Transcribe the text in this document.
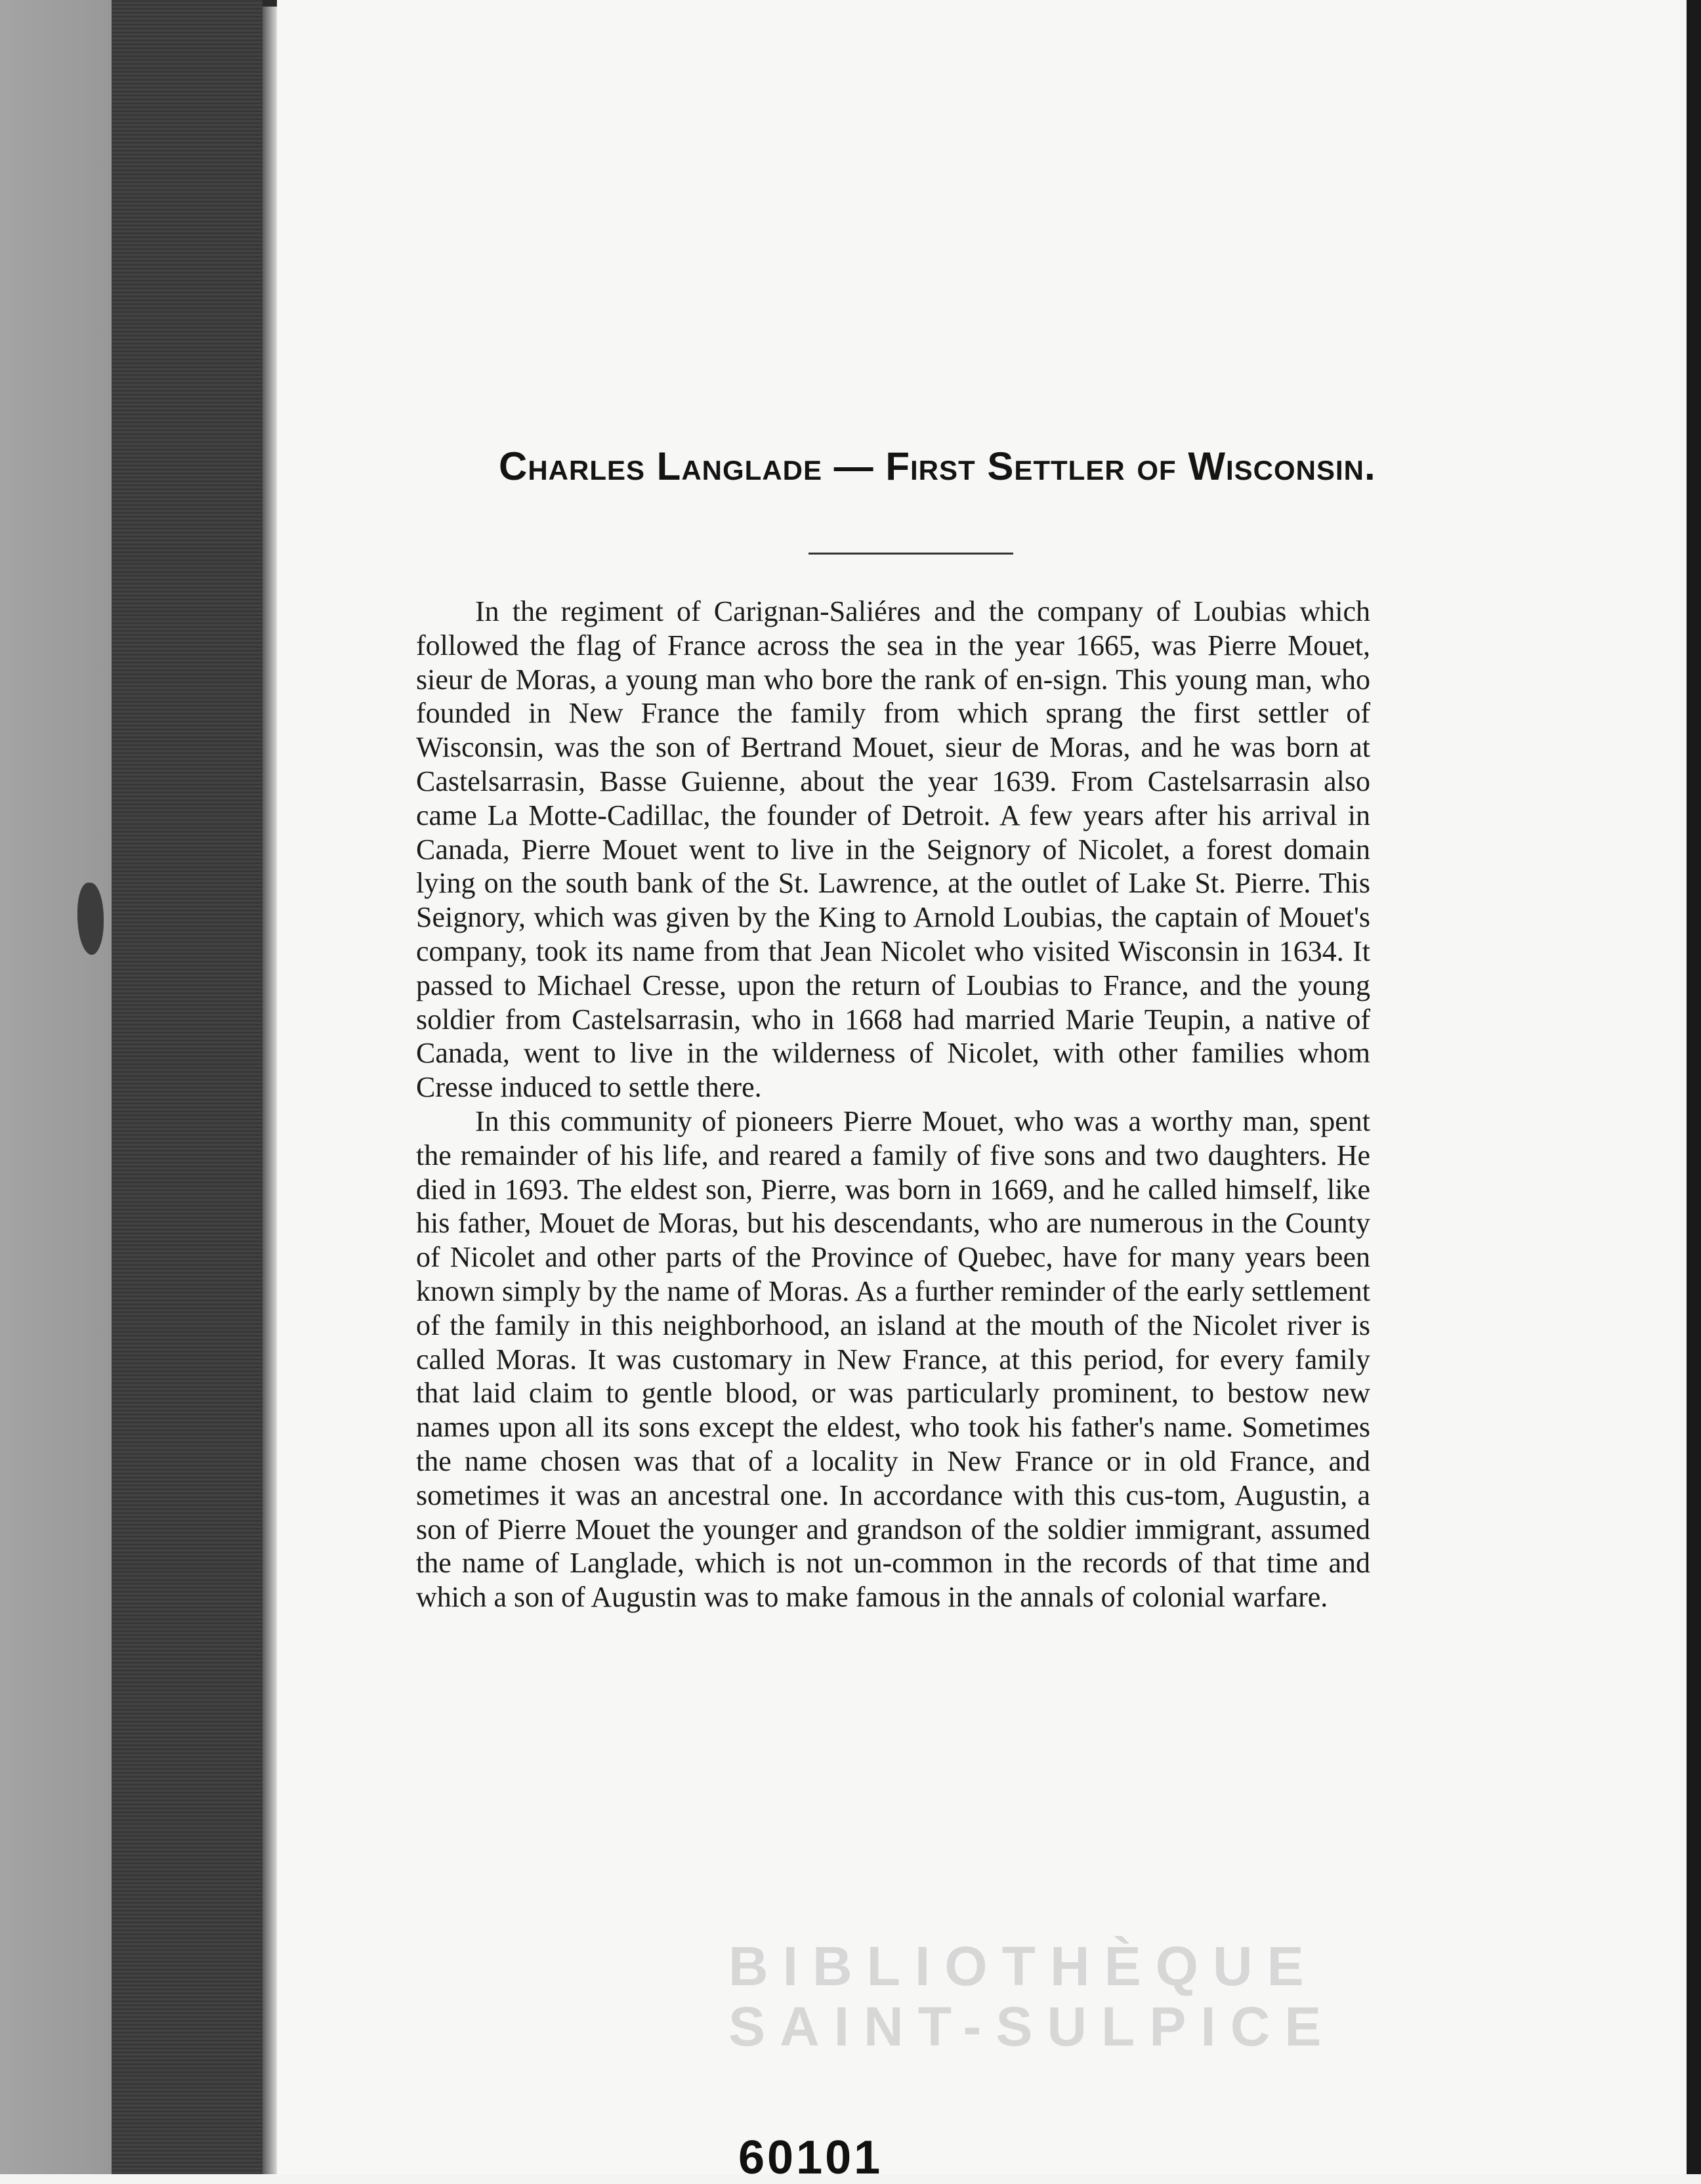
Charles Langlade — First Settler of Wisconsin.

In the regiment of Carignan-Saliéres and the company of Loubias which followed the flag of France across the sea in the year 1665, was Pierre Mouet, sieur de Moras, a young man who bore the rank of en-sign. This young man, who founded in New France the family from which sprang the first settler of Wisconsin, was the son of Bertrand Mouet, sieur de Moras, and he was born at Castelsarrasin, Basse Guienne, about the year 1639. From Castelsarrasin also came La Motte-Cadillac, the founder of Detroit. A few years after his arrival in Canada, Pierre Mouet went to live in the Seignory of Nicolet, a forest domain lying on the south bank of the St. Lawrence, at the outlet of Lake St. Pierre. This Seignory, which was given by the King to Arnold Loubias, the captain of Mouet's company, took its name from that Jean Nicolet who visited Wisconsin in 1634. It passed to Michael Cresse, upon the return of Loubias to France, and the young soldier from Castelsarrasin, who in 1668 had married Marie Teupin, a native of Canada, went to live in the wilderness of Nicolet, with other families whom Cresse induced to settle there.

In this community of pioneers Pierre Mouet, who was a worthy man, spent the remainder of his life, and reared a family of five sons and two daughters. He died in 1693. The eldest son, Pierre, was born in 1669, and he called himself, like his father, Mouet de Moras, but his descendants, who are numerous in the County of Nicolet and other parts of the Province of Quebec, have for many years been known simply by the name of Moras. As a further reminder of the early settlement of the family in this neighborhood, an island at the mouth of the Nicolet river is called Moras. It was customary in New France, at this period, for every family that laid claim to gentle blood, or was particularly prominent, to bestow new names upon all its sons except the eldest, who took his father's name. Sometimes the name chosen was that of a locality in New France or in old France, and sometimes it was an ancestral one. In accordance with this cus-tom, Augustin, a son of Pierre Mouet the younger and grandson of the soldier immigrant, assumed the name of Langlade, which is not un-common in the records of that time and which a son of Augustin was to make famous in the annals of colonial warfare.

BIBLIOTHÈQUE
SAINT-SULPICE
60101
